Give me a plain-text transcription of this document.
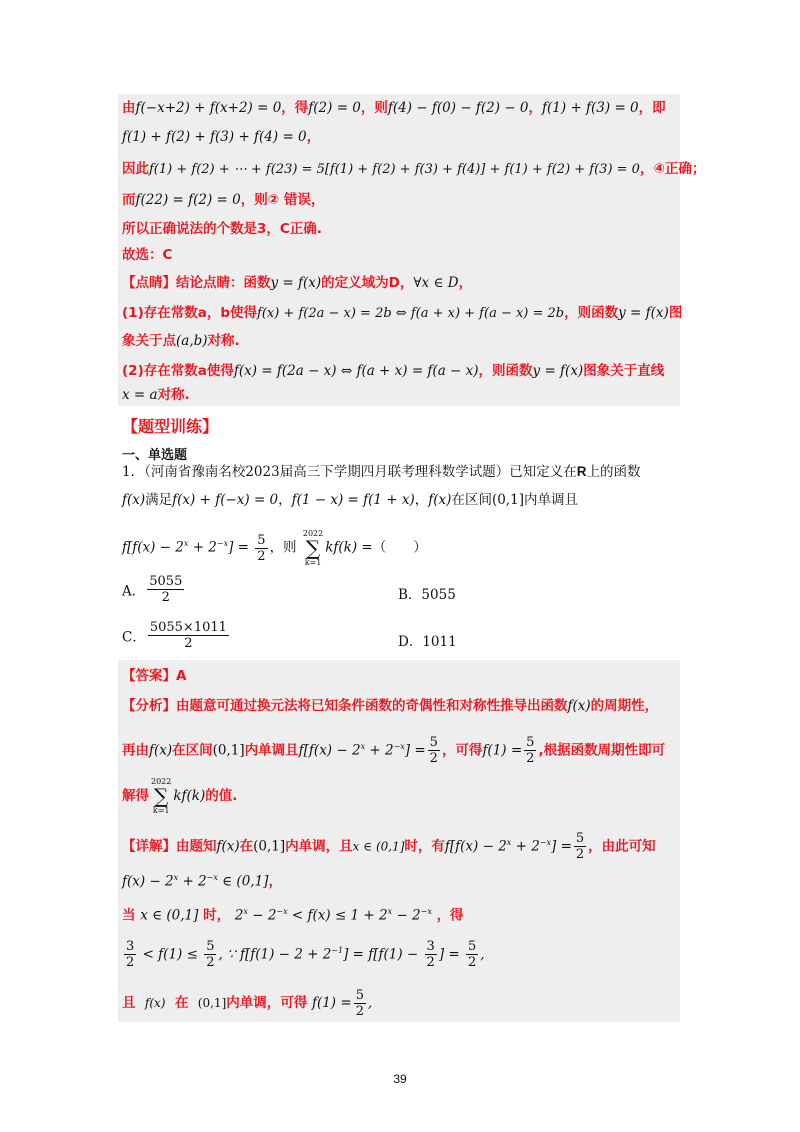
由f(−x+2) + f(x+2) = 0，得f(2) = 0，则f(4) − f(0) − f(2) − 0，f(1) + f(3) = 0，即
f(1) + f(2) + f(3) + f(4) = 0，
因此f(1) + f(2) + ⋯ + f(23) = 5[f(1) + f(2) + f(3) + f(4)] + f(1) + f(2) + f(3) = 0，④正确；
而f(22) = f(2) = 0，则② 错误，
所以正确说法的个数是3，C正确.
故选：C
【点睛】结论点睛：函数y = f(x)的定义域为D，∀x ∈ D，
(1)存在常数a，b使得f(x) + f(2a − x) = 2b ⇔ f(a + x) + f(a − x) = 2b，则函数y = f(x)图
象关于点(a,b)对称.
(2)存在常数a使得f(x) = f(2a − x) ⇔ f(a + x) = f(a − x)，则函数y = f(x)图象关于直线
x = a对称.
【题型训练】
一、单选题
1．（河南省豫南名校2023届高三下学期四月联考理科数学试题）已知定义在R上的函数
f(x)满足f(x) + f(−x) = 0，f(1 − x) = f(1 + x)，f(x)在区间(0,1]内单调且
$f[f(x) - 2^x + 2^{-x}] = \frac{5}{2}$ ，则
2022
∑
k=1
kf(k) =（　　）
A． $\frac{5055}{2}$	B．5055
C． $\frac{5055\times 1011}{2}$	D．1011
【答案】A
【分析】由题意可通过换元法将已知条件函数的奇偶性和对称性推导出函数f(x)的周期性，
再由f(x)在区间(0,1]内单调且$f[f(x) - 2^x + 2^{-x}] = \frac{5}{2}$ ，可得$f(1) = \frac{5}{2}$ ,根据函数周期性即可
解得
2022
∑
k=1
kf(k)的值.
【详解】由题知f(x)在(0,1]内单调，且x ∈ (0,1]时，有$f[f(x) - 2^x + 2^{-x}] = \frac{5}{2}$ ，由此可知
$f(x) - 2^x + 2^{-x}$ ∈ (0,1]，
当 x ∈ (0,1] 时， $2^x - 2^{-x} < f(x) \le 1 + 2^x - 2^{-x}$ ，得
$\frac{3}{2} < f(1) \le \frac{5}{2}$ , ∵ $f[f(1) - 2 + 2^{-1}] = f[f(1) - \frac{3}{2}$ ] = $\frac{5}{2}$ ,
且 f(x) 在 (0,1]内单调，可得 $f(1) = \frac{5}{2}$ ,
39
